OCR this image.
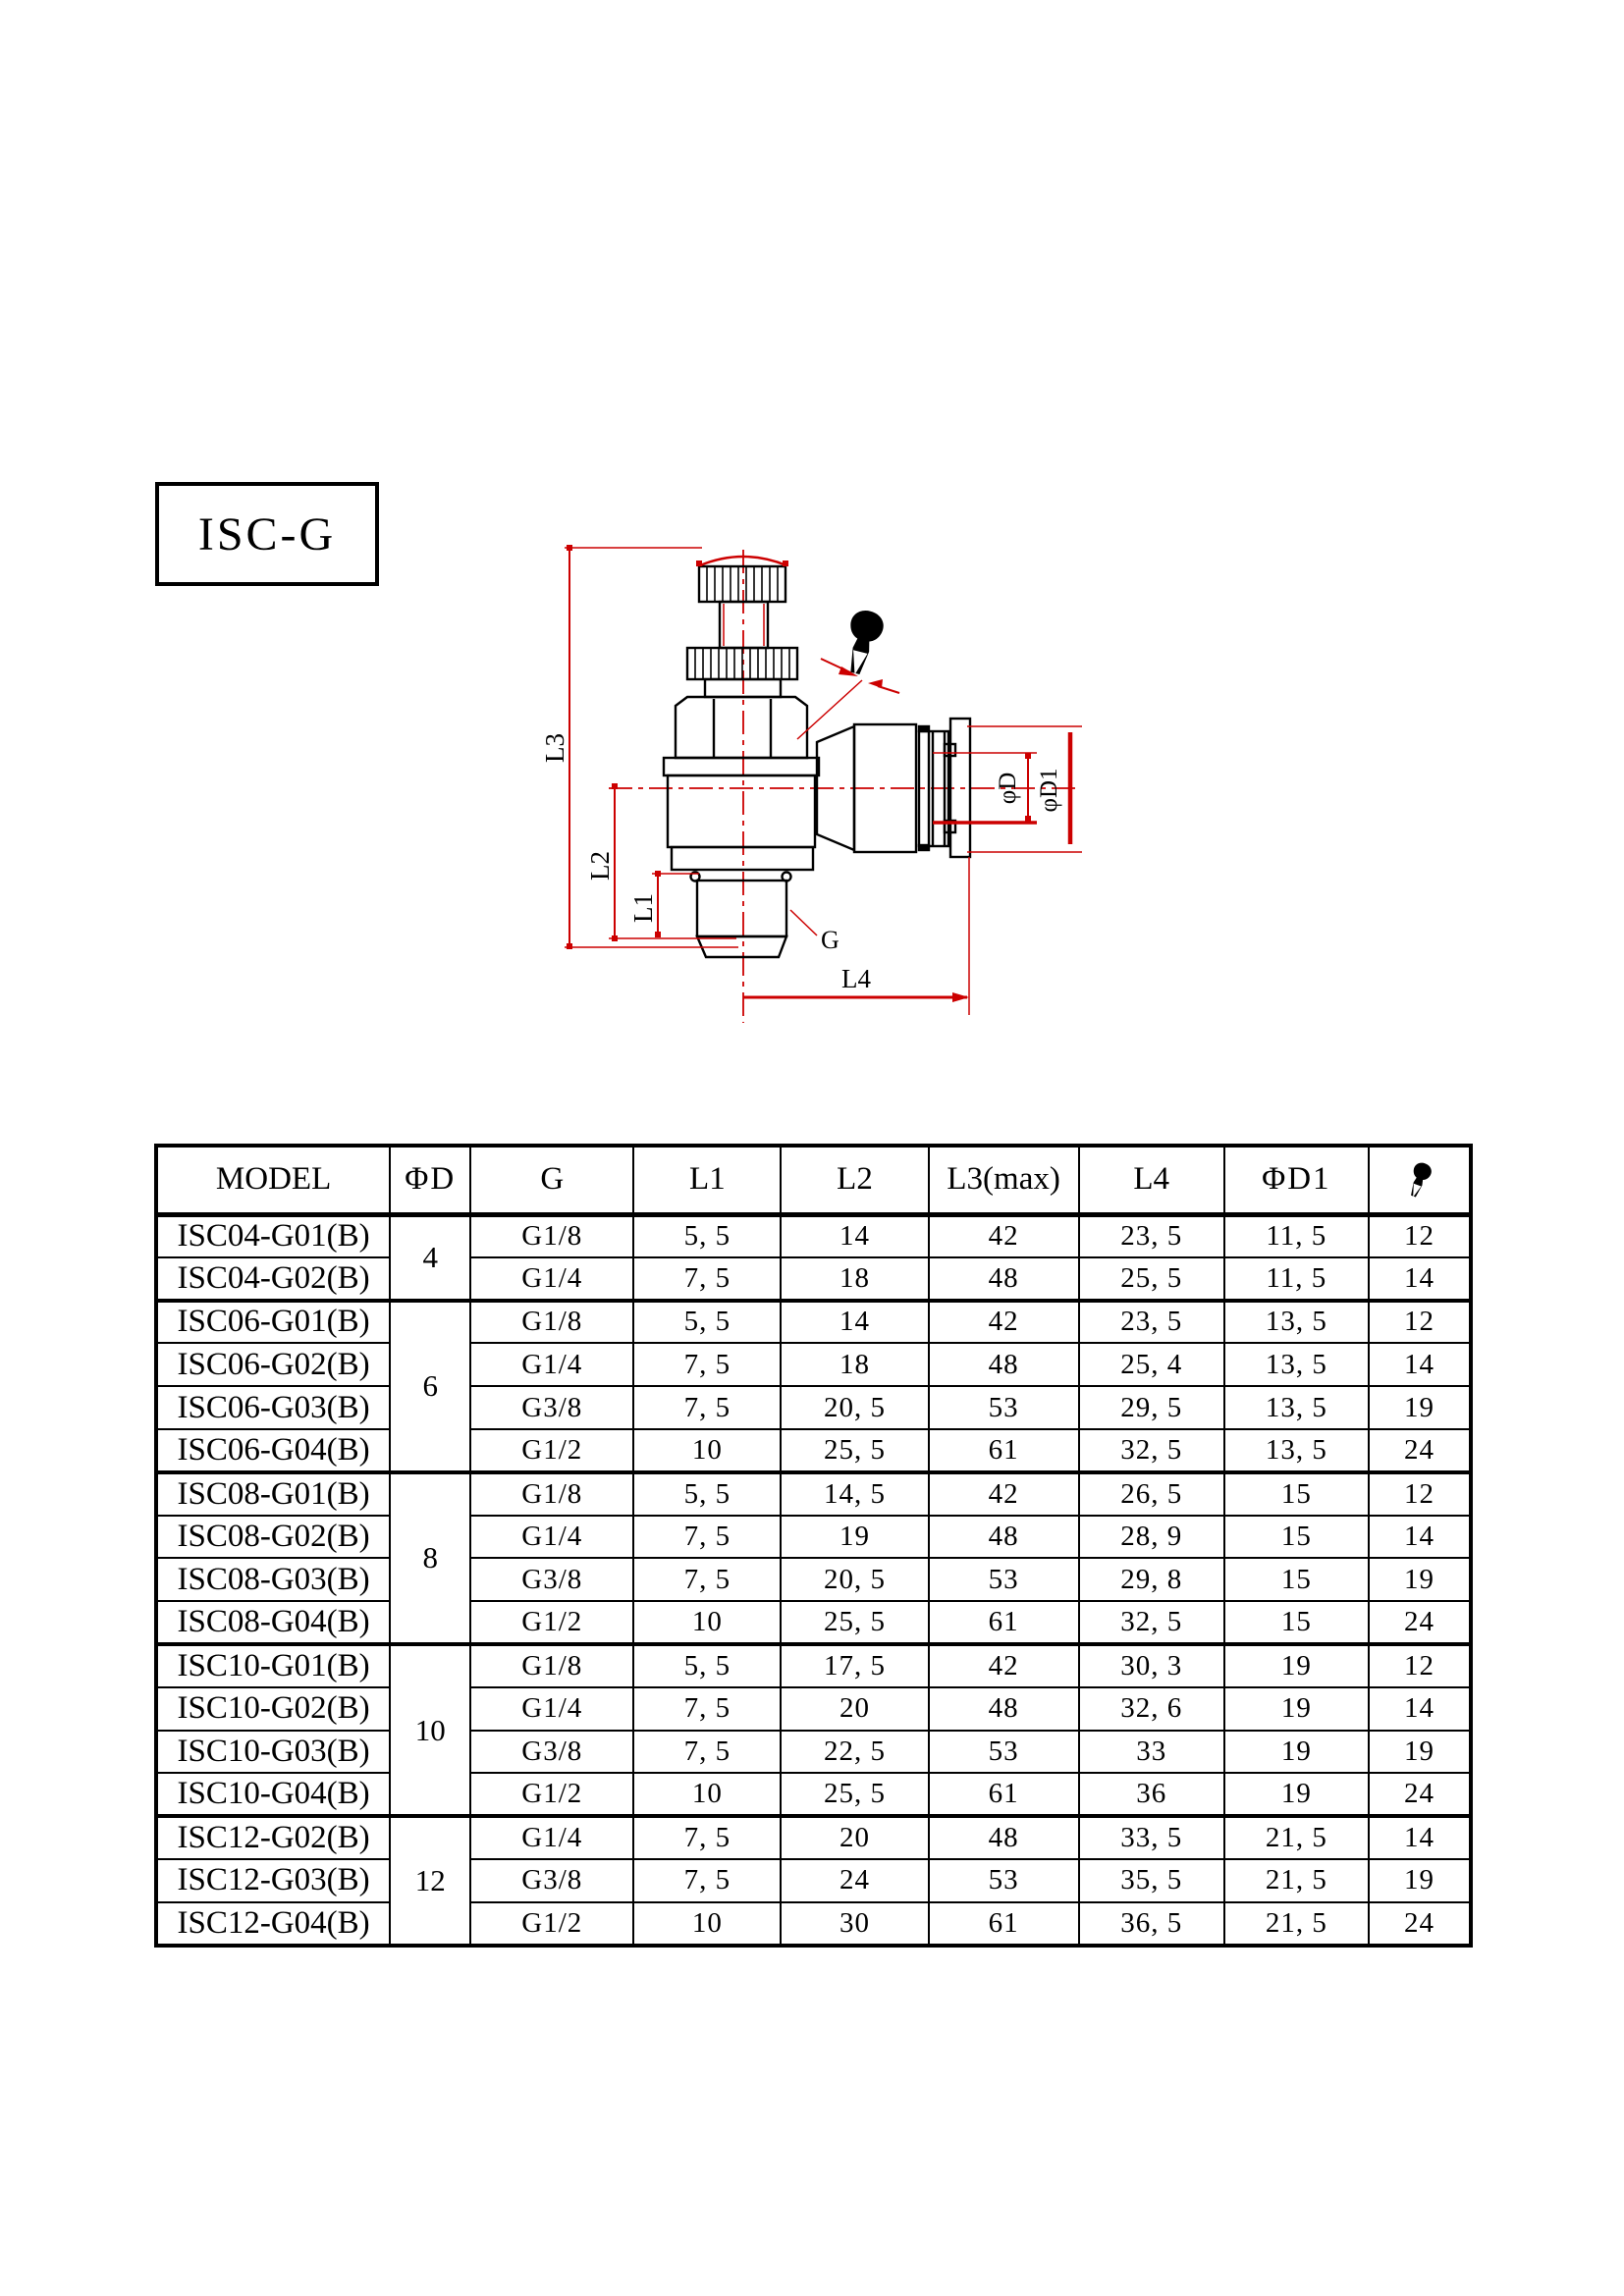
ISC-G
L3
L2
L1
L4
G
φD φD1
MODEL	ΦD	G	L1	L2	L3(max)	L4	ΦD1	
ISC04-G01(B)	4	G1/8	5, 5	14	42	23, 5	11, 5	12
ISC04-G02(B)		G1/4	7, 5	18	48	25, 5	11, 5	14
ISC06-G01(B)	6	G1/8	5, 5	14	42	23, 5	13, 5	12
ISC06-G02(B)		G1/4	7, 5	18	48	25, 4	13, 5	14
ISC06-G03(B)		G3/8	7, 5	20, 5	53	29, 5	13, 5	19
ISC06-G04(B)		G1/2	10	25, 5	61	32, 5	13, 5	24
ISC08-G01(B)	8	G1/8	5, 5	14, 5	42	26, 5	15	12
ISC08-G02(B)		G1/4	7, 5	19	48	28, 9	15	14
ISC08-G03(B)		G3/8	7, 5	20, 5	53	29, 8	15	19
ISC08-G04(B)		G1/2	10	25, 5	61	32, 5	15	24
ISC10-G01(B)	10	G1/8	5, 5	17, 5	42	30, 3	19	12
ISC10-G02(B)		G1/4	7, 5	20	48	32, 6	19	14
ISC10-G03(B)		G3/8	7, 5	22, 5	53	33	19	19
ISC10-G04(B)		G1/2	10	25, 5	61	36	19	24
ISC12-G02(B)	12	G1/4	7, 5	20	48	33, 5	21, 5	14
ISC12-G03(B)		G3/8	7, 5	24	53	35, 5	21, 5	19
ISC12-G04(B)		G1/2	10	30	61	36, 5	21, 5	24
